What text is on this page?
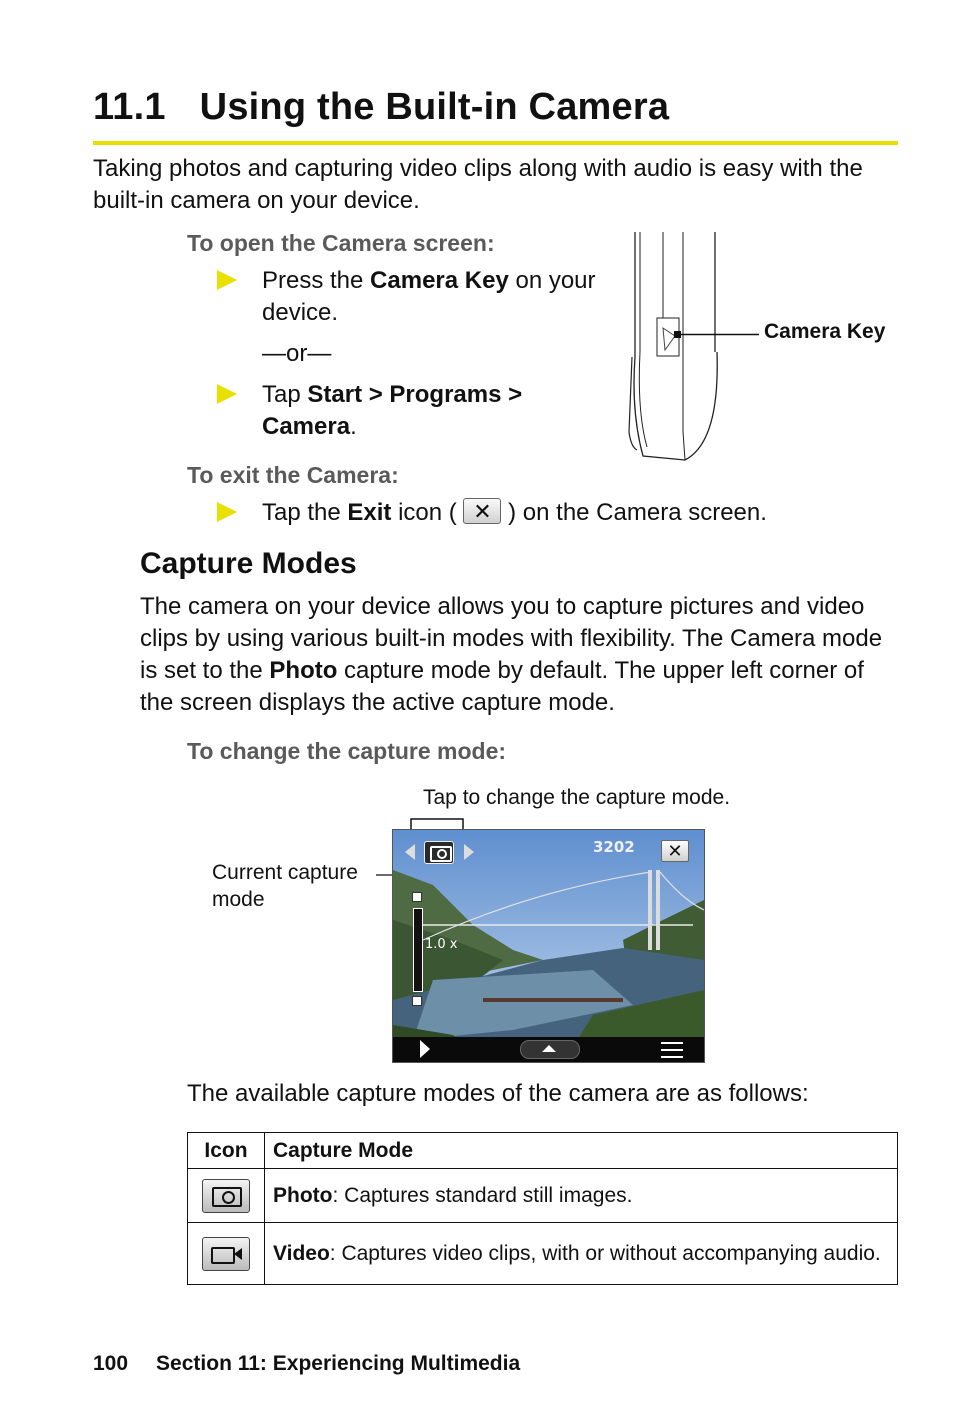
11.1 Using the Built-in Camera
Taking photos and capturing video clips along with audio is easy with the built-in camera on your device.
To open the Camera screen:
Press the Camera Key on your device.
—or—
Tap Start > Programs >
Camera.
Camera Key
To exit the Camera:
Tap the Exit icon ( ✕ ) on the Camera screen.
Capture Modes
The camera on your device allows you to capture pictures and video clips by using various built-in modes with flexibility. The Camera mode is set to the Photo capture mode by default. The upper left corner of the screen displays the active capture mode.
To change the capture mode:
Tap to change the capture mode.
Current capture mode
3202	✕
1.0 x
The available capture modes of the camera are as follows:
Icon	Capture Mode

	Photo: Captures standard still images.

	Video: Captures video clips, with or without accompanying audio.
100 Section 11: Experiencing Multimedia
